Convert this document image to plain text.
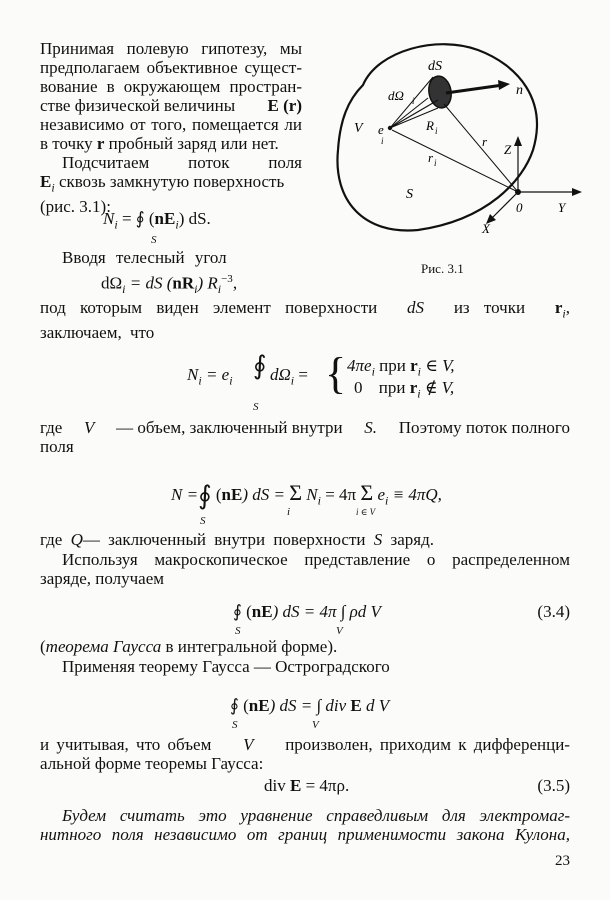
Принимая полевую гипотезу, мы
предполагаем объективное сущест-
вование в окружающем простран-
стве физической величины E (r)
независимо от того, помещается ли
в точку r пробный заряд или нет.
Подсчитаем поток поля
$E_i$ сквозь замкнутую поверхность
(рис. 3.1):
$N_i$ = ∮ $(nE_i)$ dS.
S
Вводя телесный угол
$d\Omega_i$ = dS $(nR_i)$ $R_i^{-3}$,
dS
n
dΩ i
V e
i
R i
r
r i
S
Z
0	Y
X
Рис. 3.1
под которым виден элемент поверхности dS из точки $r_i$,
заключаем, что
$N_i = e_i$
∮ $d\Omega_i$ = { $4\pi e_i$ при $r_i$ ∈ V,
0 при $r_i$ ∉ V,
S
где V — объем, заключенный внутри S. Поэтому поток полного
поля
N =∮ (nE) dS = Σ $N_i = 4\pi$ Σ $e_i \equiv 4\pi Q$,
S
i	i ∈ V
где Q— заключенный внутри поверхности S заряд.
Используя макроскопическое представление о распределенном
заряде, получаем
∮ (nE) dS = 4π ∫ ρd V
S	V
(3.4)
(теорема Гаусса в интегральной форме).
Применяя теорему Гаусса — Остроградского
∮ (nE) dS = ∫ div E d V
S	V
и учитывая, что объем V произволен, приходим к дифференци-
альной форме теоремы Гаусса:
div E = 4πρ.	(3.5)
Будем считать это уравнение справедливым для электромаг-
нитного поля независимо от границ применимости закона Кулона,
23
